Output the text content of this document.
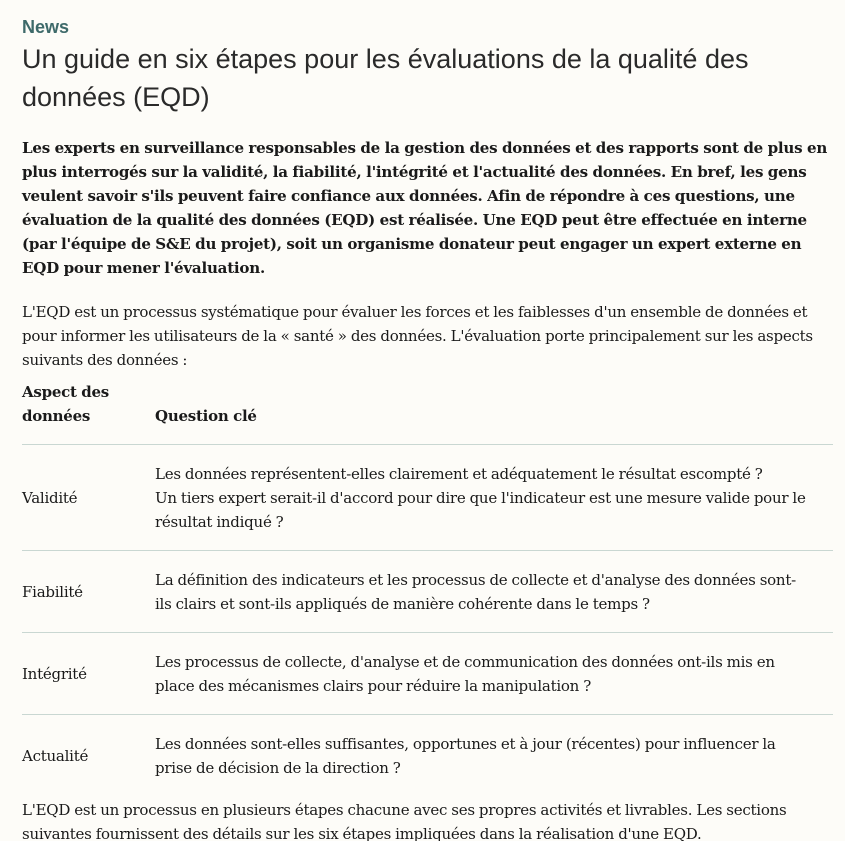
News
Un guide en six étapes pour les évaluations de la qualité des données (EQD)

Les experts en surveillance responsables de la gestion des données et des rapports sont de plus en plus interrogés sur la validité, la fiabilité, l'intégrité et l'actualité des données. En bref, les gens veulent savoir s'ils peuvent faire confiance aux données. Afin de répondre à ces questions, une évaluation de la qualité des données (EQD) est réalisée. Une EQD peut être effectuée en interne (par l'équipe de S&E du projet), soit un organisme donateur peut engager un expert externe en EQD pour mener l'évaluation.

L'EQD est un processus systématique pour évaluer les forces et les faiblesses d'un ensemble de données et pour informer les utilisateurs de la « santé » des données. L'évaluation porte principalement sur les aspects suivants des données :

Aspect des données	Question clé
Validité	Les données représentent-elles clairement et adéquatement le résultat escompté ?
Un tiers expert serait-il d'accord pour dire que l'indicateur est une mesure valide pour le résultat indiqué ?

Fiabilité	La définition des indicateurs et les processus de collecte et d'analyse des données sont-ils clairs et sont-ils appliqués de manière cohérente dans le temps ?

Intégrité	Les processus de collecte, d'analyse et de communication des données ont-ils mis en place des mécanismes clairs pour réduire la manipulation ?

Actualité	Les données sont-elles suffisantes, opportunes et à jour (récentes) pour influencer la prise de décision de la direction ?

L'EQD est un processus en plusieurs étapes chacune avec ses propres activités et livrables. Les sections suivantes fournissent des détails sur les six étapes impliquées dans la réalisation d'une EQD.
